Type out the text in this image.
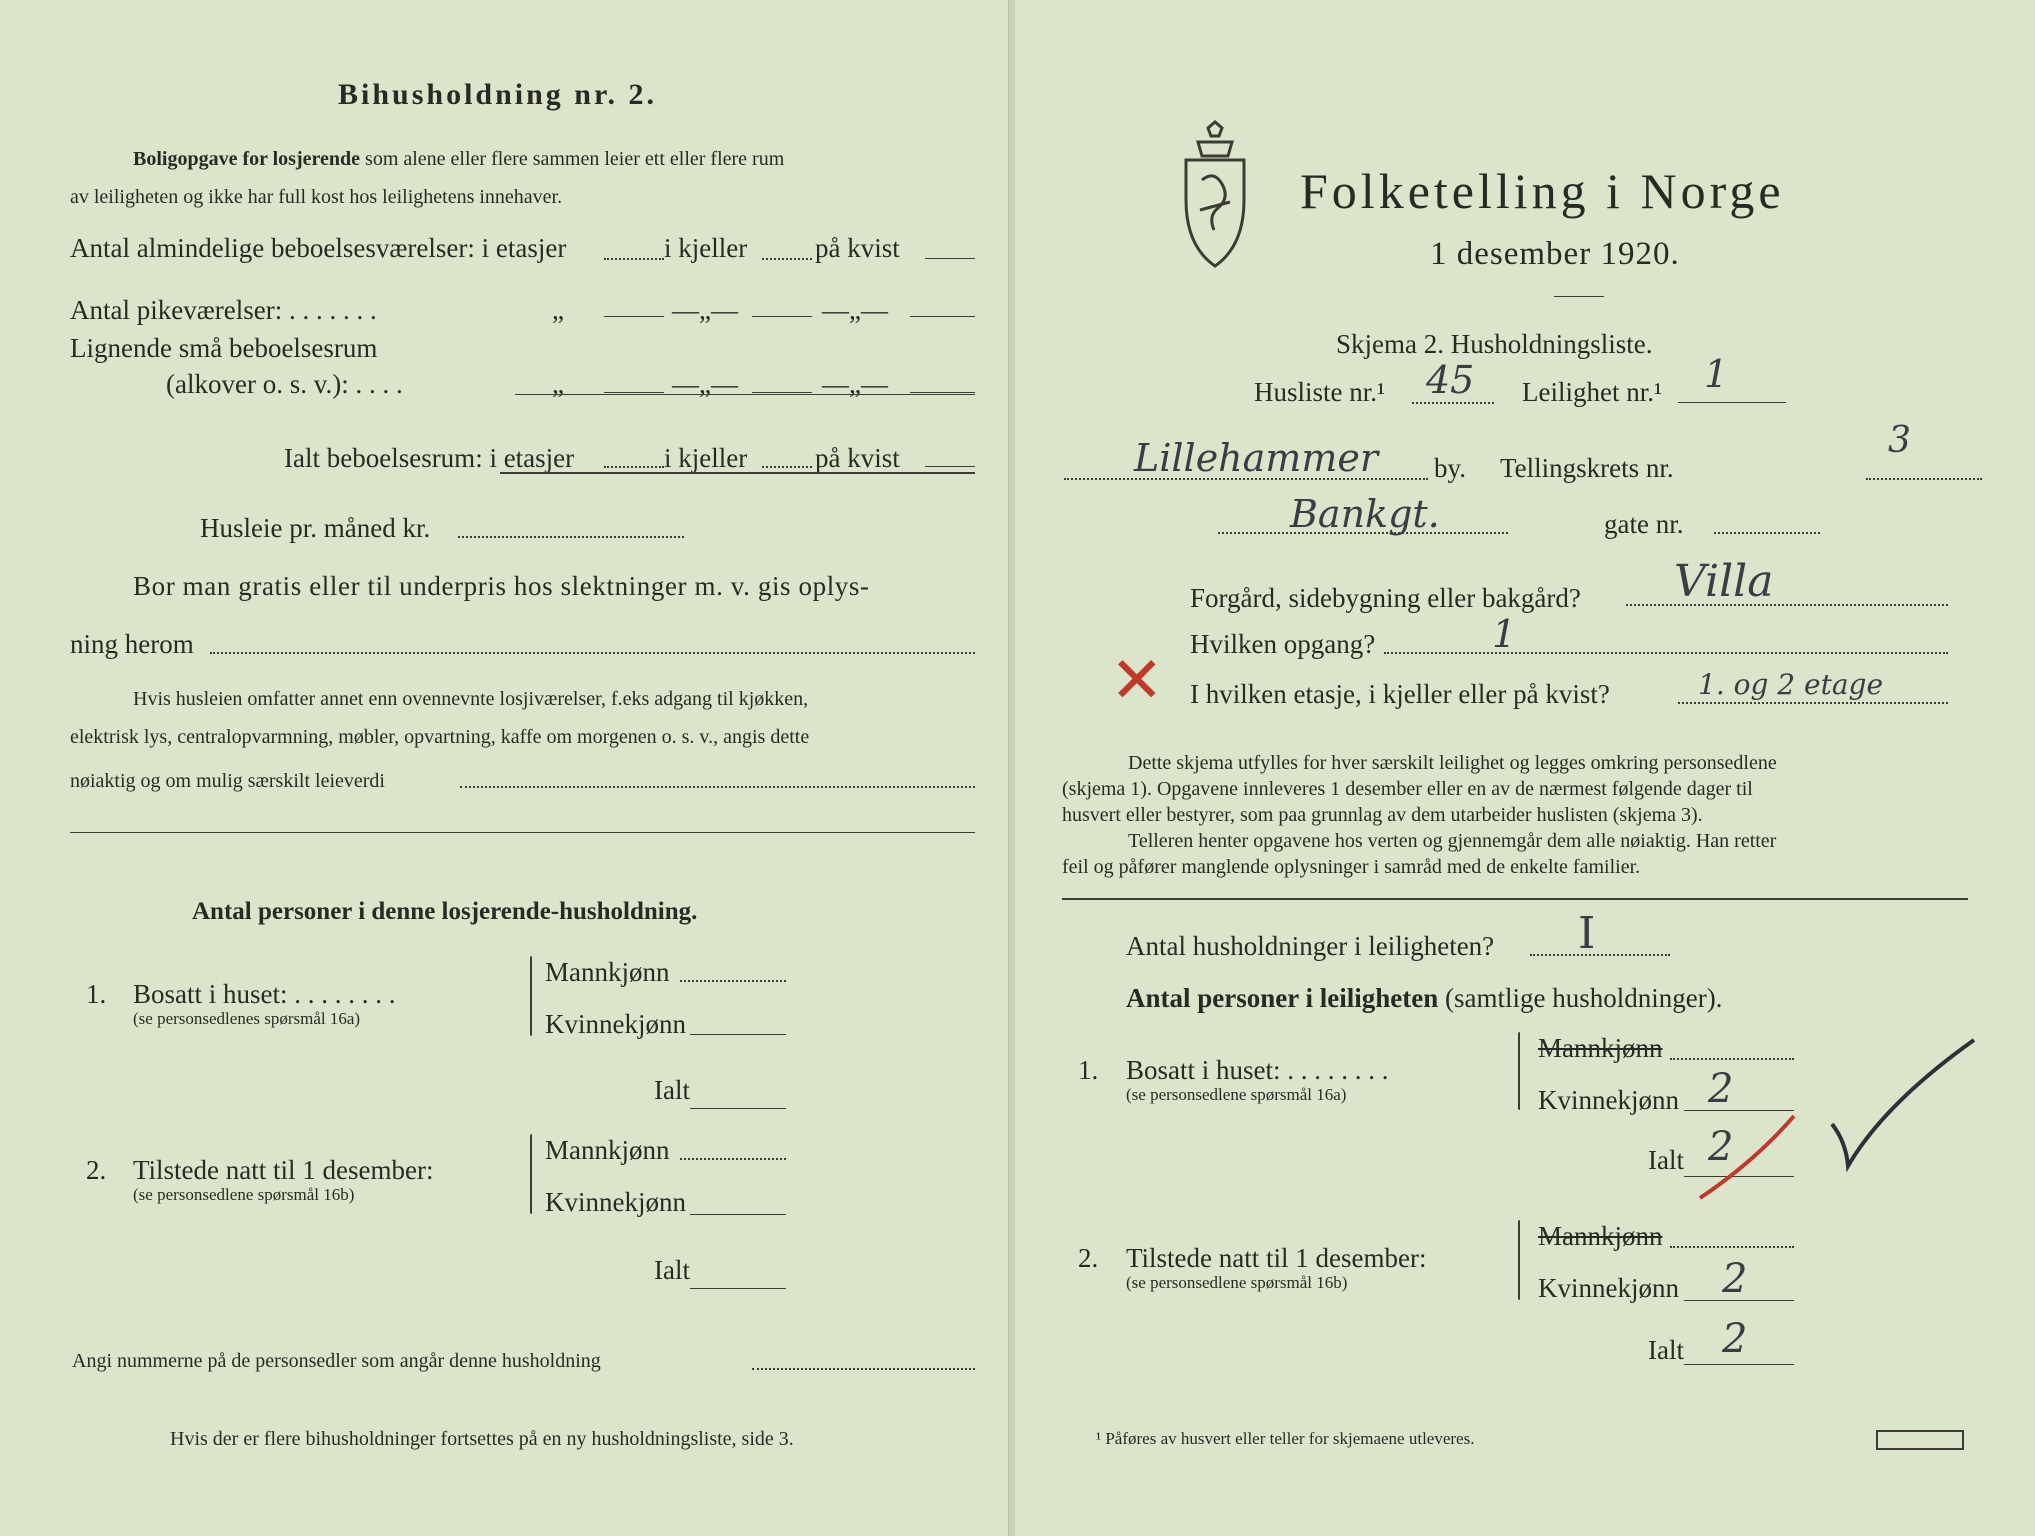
Bihusholdning nr. 2.
Boligopgave for losjerende som alene eller flere sammen leier ett eller flere rum
av leiligheten og ikke har full kost hos leilighetens innehaver.
Antal almindelige beboelsesværelser: i etasjer	i kjeller	på kvist
Antal pikeværelser: . . . . . . .	„	—„—	—„—
Lignende små beboelsesrum
(alkover o. s. v.): . . . .	„	—„—	—„—
Ialt beboelsesrum: i etasjer	i kjeller	på kvist
Husleie pr. måned kr.
Bor man gratis eller til underpris hos slektninger m. v. gis oplys-
ning herom
Hvis husleien omfatter annet enn ovennevnte losjiværelser, f.eks adgang til kjøkken,
elektrisk lys, centralopvarmning, møbler, opvartning, kaffe om morgenen o. s. v., angis dette
nøiaktig og om mulig særskilt leieverdi
Antal personer i denne losjerende-husholdning.
1. Bosatt i huset: . . . . . . . .
(se personsedlenes spørsmål 16a)
Mannkjønn
Kvinnekjønn
Ialt
2. Tilstede natt til 1 desember:
(se personsedlene spørsmål 16b)
Mannkjønn
Kvinnekjønn
Ialt
Angi nummerne på de personsedler som angår denne husholdning
Hvis der er flere bihusholdninger fortsettes på en ny husholdningsliste, side 3.
Folketelling i Norge
1 desember 1920.
Skjema 2. Husholdningsliste.
Husliste nr.¹ 45 Leilighet nr.¹ 1
Lillehammer by. Tellingskrets nr.
3
Bankgt.	gate nr.
Forgård, sidebygning eller bakgård? Villa
Hvilken opgang?	1
✕ I hvilken etasje, i kjeller eller på kvist?	1. og 2 etage
Dette skjema utfylles for hver særskilt leilighet og legges omkring personsedlene
(skjema 1). Opgavene innleveres 1 desember eller en av de nærmest følgende dager til
husvert eller bestyrer, som paa grunnlag av dem utarbeider huslisten (skjema 3).
Telleren henter opgavene hos verten og gjennemgår dem alle nøiaktig. Han retter
feil og påfører manglende oplysninger i samråd med de enkelte familier.
Antal husholdninger i leiligheten? I
Antal personer i leiligheten (samtlige husholdninger).
1. Bosatt i huset: . . . . . . . .
(se personsedlene spørsmål 16a)
Mannkjønn
Kvinnekjønn 2
Ialt 2
2. Tilstede natt til 1 desember:
(se personsedlene spørsmål 16b)
Mannkjønn
Kvinnekjønn 2
Ialt 2
¹ Påføres av husvert eller teller for skjemaene utleveres.
